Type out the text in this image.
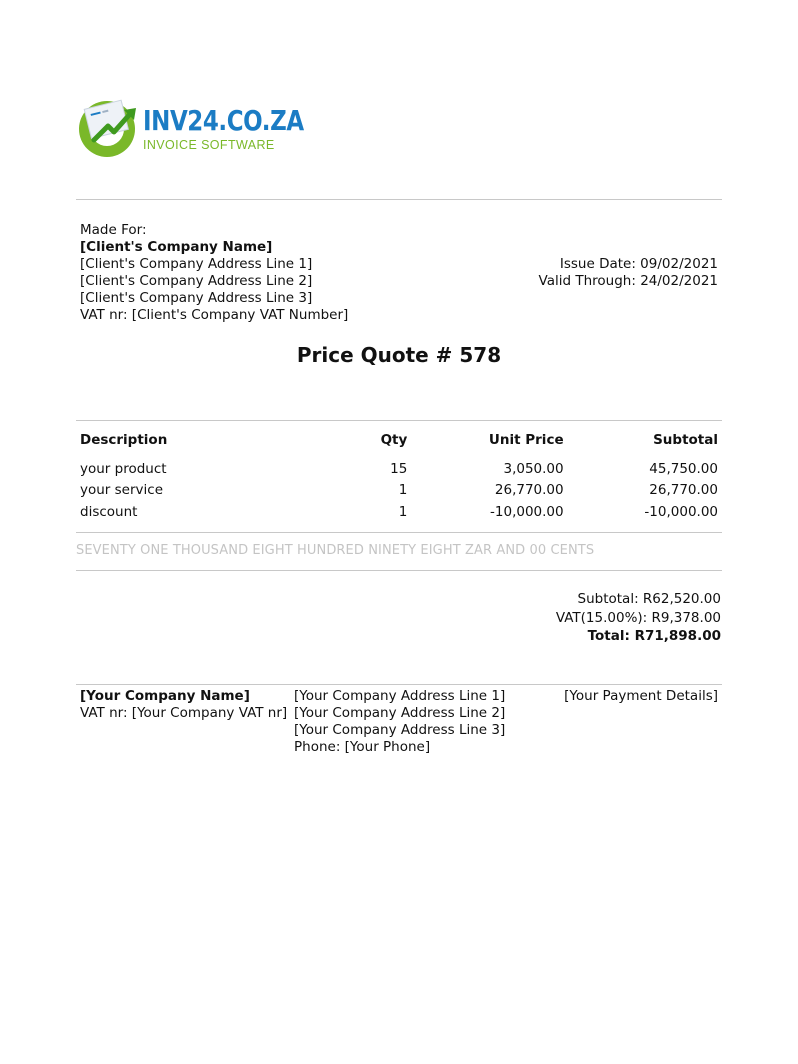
INV24.CO.ZA
INVOICE SOFTWARE
Made For:
[Client's Company Name]
[Client's Company Address Line 1]
[Client's Company Address Line 2]
[Client's Company Address Line 3]
VAT nr: [Client's Company VAT Number]
Issue Date: 09/02/2021
Valid Through: 24/02/2021
Price Quote # 578
Description	Qty	Unit Price	Subtotal
your product	15	3,050.00	45,750.00
your service	1	26,770.00	26,770.00
discount	1	-10,000.00	-10,000.00
SEVENTY ONE THOUSAND EIGHT HUNDRED NINETY EIGHT ZAR AND 00 CENTS
Subtotal: R62,520.00
VAT(15.00%): R9,378.00
Total: R71,898.00
[Your Company Name]
VAT nr: [Your Company VAT nr]
[Your Company Address Line 1]
[Your Company Address Line 2]
[Your Company Address Line 3]
Phone: [Your Phone]
[Your Payment Details]
